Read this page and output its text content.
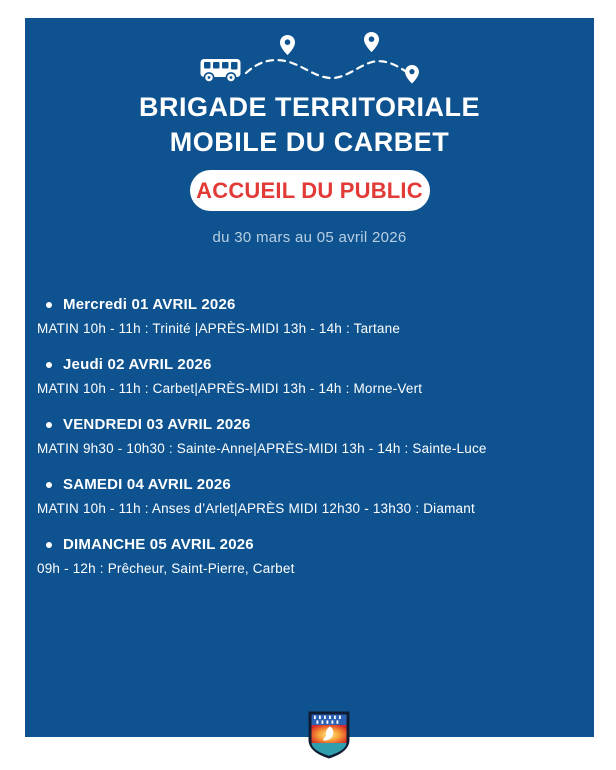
BRIGADE TERRITORIALE
MOBILE DU CARBET
ACCUEIL DU PUBLIC
du 30 mars au 05 avril 2026
Mercredi 01 AVRIL 2026
MATIN 10h - 11h : Trinité |APRÈS-MIDI 13h - 14h : Tartane
Jeudi 02 AVRIL 2026
MATIN 10h - 11h : Carbet|APRÈS-MIDI 13h - 14h : Morne-Vert
VENDREDI 03 AVRIL 2026
MATIN 9h30 - 10h30 : Sainte-Anne|APRÈS-MIDI 13h - 14h : Sainte-Luce
SAMEDI 04 AVRIL 2026
MATIN 10h - 11h : Anses d’Arlet|APRÈS MIDI 12h30 - 13h30 : Diamant
DIMANCHE 05 AVRIL 2026
09h - 12h : Prêcheur, Saint-Pierre, Carbet
